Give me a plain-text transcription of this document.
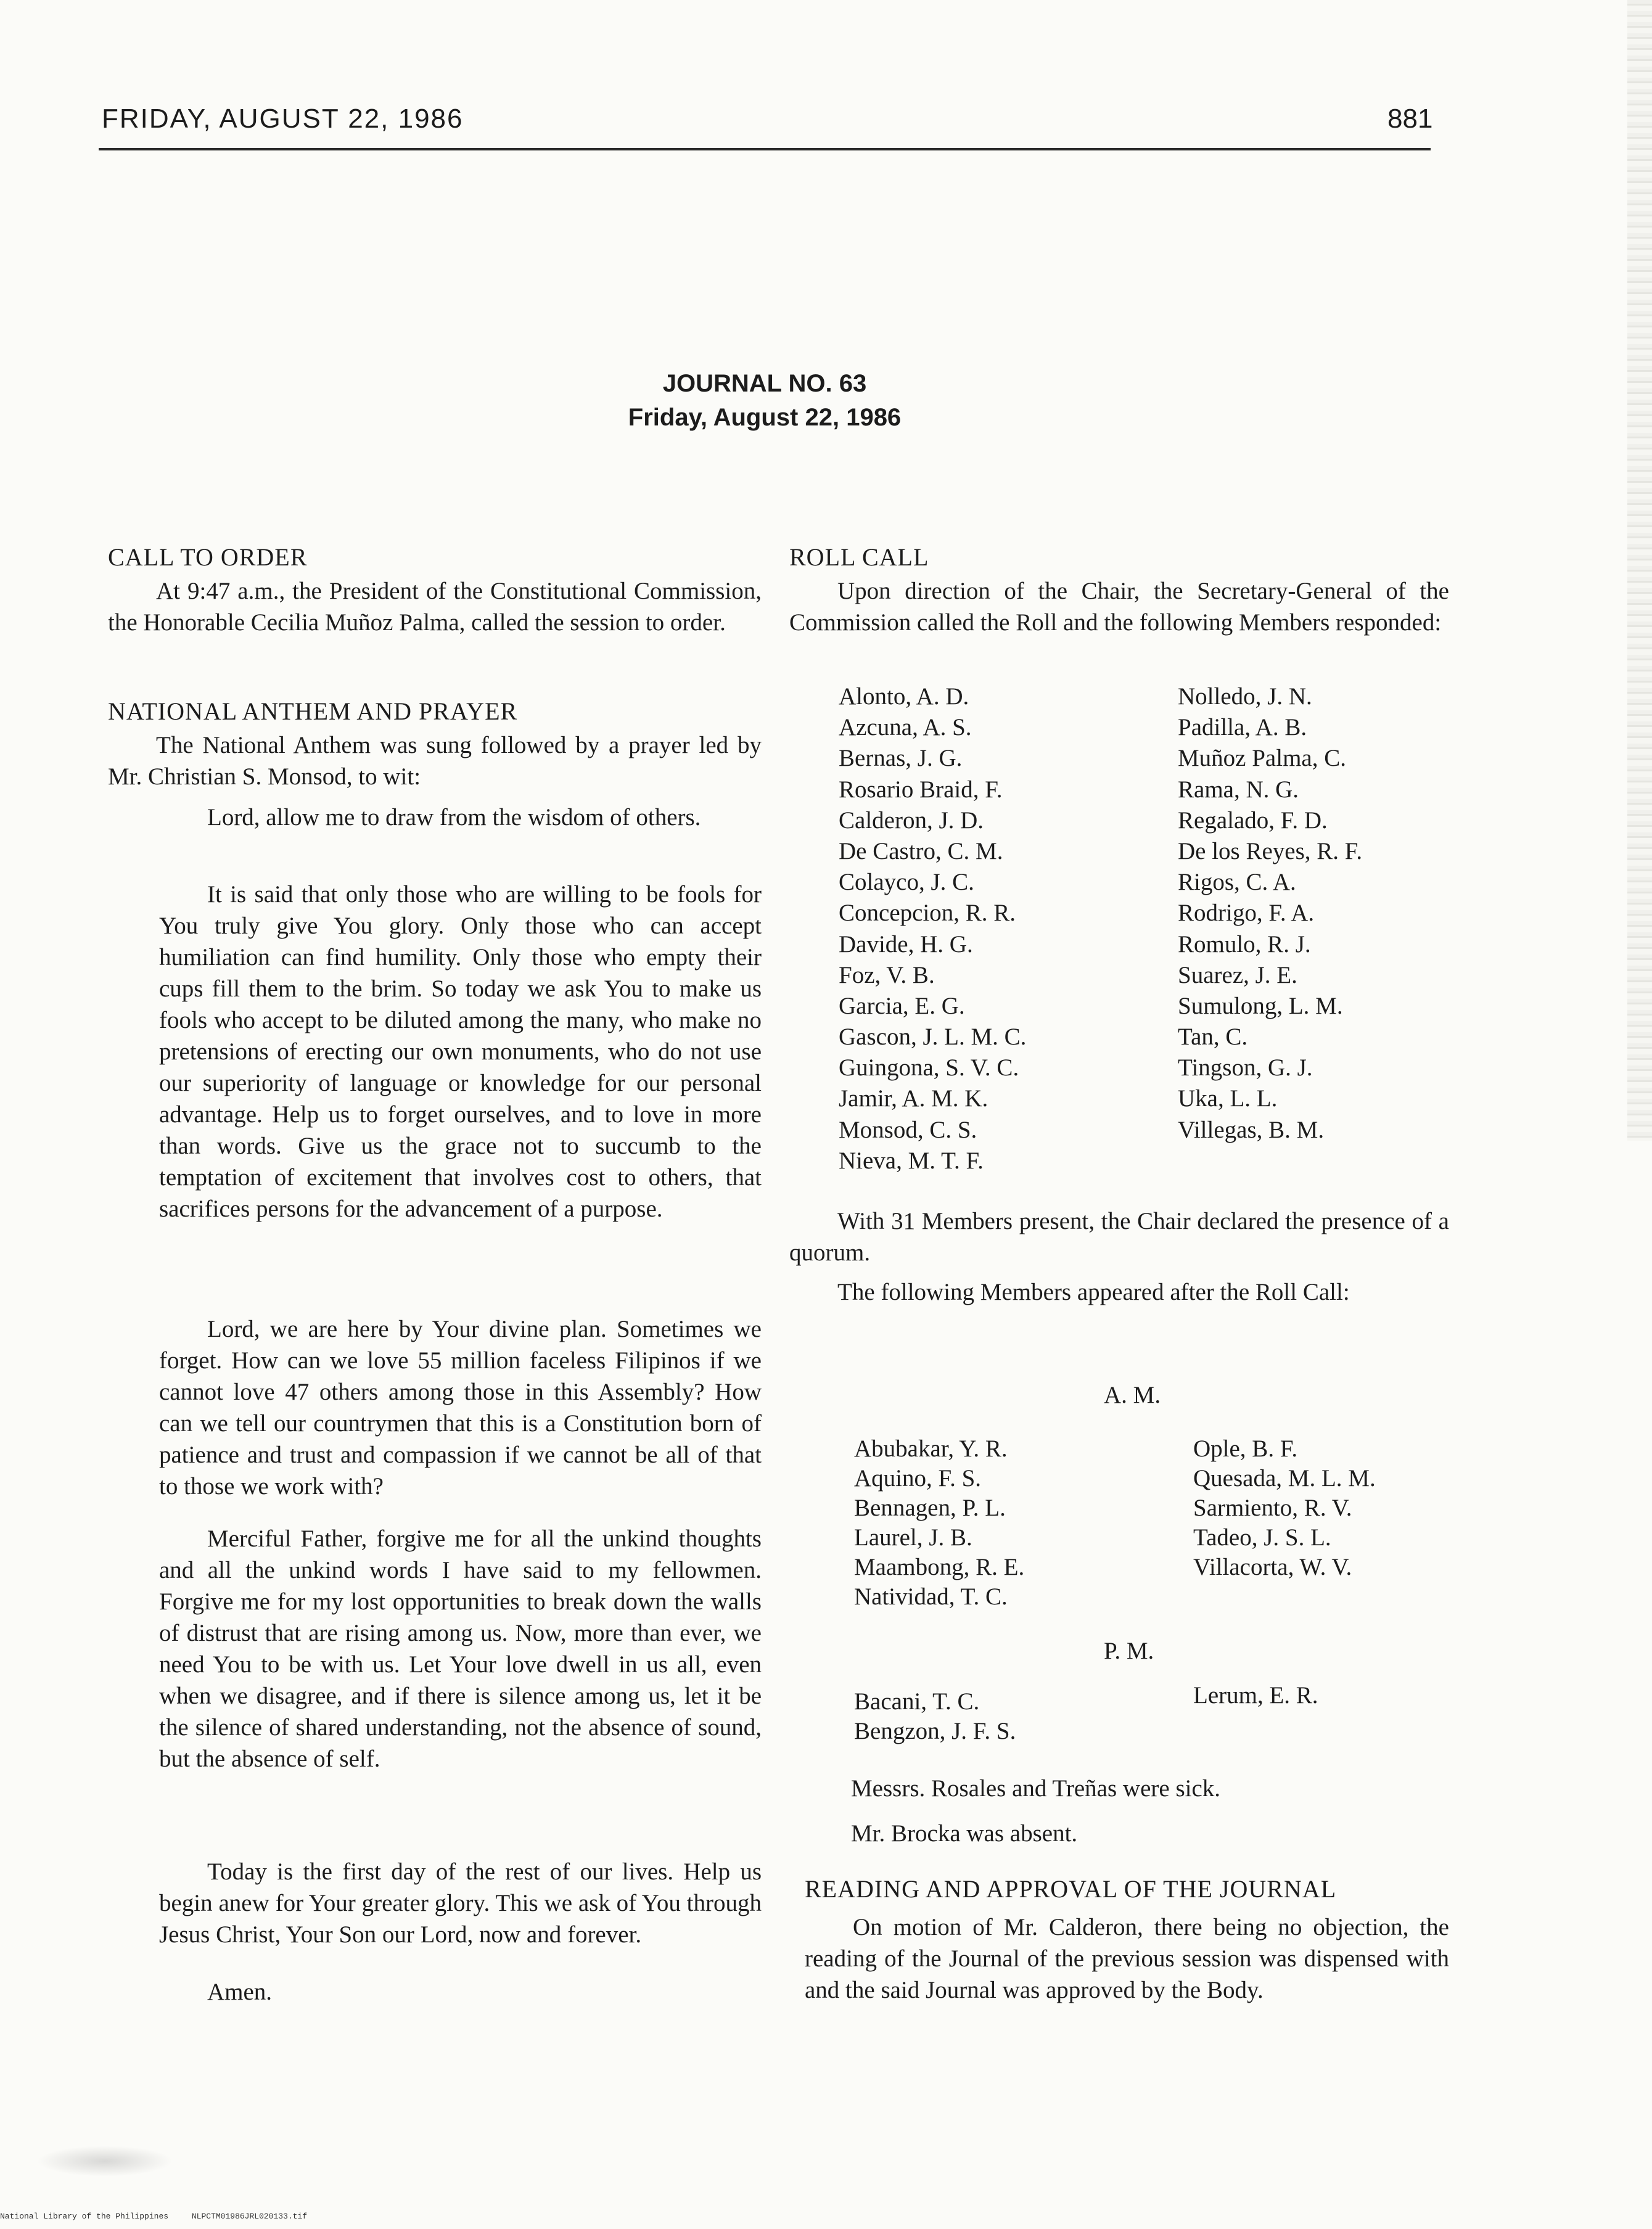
FRIDAY, AUGUST 22, 1986	881
JOURNAL NO. 63
Friday, August 22, 1986
CALL TO ORDER

At 9:47 a.m., the President of the Constitutional Commission, the Honorable Cecilia Muñoz Palma, called the session to order.

NATIONAL ANTHEM AND PRAYER

The National Anthem was sung followed by a prayer led by Mr. Christian S. Monsod, to wit:

Lord, allow me to draw from the wisdom of others.

It is said that only those who are willing to be fools for You truly give You glory. Only those who can accept humiliation can find humility. Only those who empty their cups fill them to the brim. So today we ask You to make us fools who accept to be diluted among the many, who make no pretensions of erecting our own monuments, who do not use our superiority of language or knowledge for our personal advantage. Help us to forget ourselves, and to love in more than words. Give us the grace not to succumb to the temptation of excitement that involves cost to others, that sacrifices persons for the advancement of a purpose.

Lord, we are here by Your divine plan. Sometimes we forget. How can we love 55 million faceless Filipinos if we cannot love 47 others among those in this Assembly? How can we tell our countrymen that this is a Constitution born of patience and trust and compassion if we cannot be all of that to those we work with?

Merciful Father, forgive me for all the unkind thoughts and all the unkind words I have said to my fellowmen. Forgive me for my lost opportunities to break down the walls of distrust that are rising among us. Now, more than ever, we need You to be with us. Let Your love dwell in us all, even when we disagree, and if there is silence among us, let it be the silence of shared understanding, not the absence of sound, but the absence of self.

Today is the first day of the rest of our lives. Help us begin anew for Your greater glory. This we ask of You through Jesus Christ, Your Son our Lord, now and forever.

Amen.

ROLL CALL

Upon direction of the Chair, the Secretary-General of the Commission called the Roll and the following Members responded:

Alonto, A. D.
Azcuna, A. S.
Bernas, J. G.
Rosario Braid, F.
Calderon, J. D.
De Castro, C. M.
Colayco, J. C.
Concepcion, R. R.
Davide, H. G.
Foz, V. B.
Garcia, E. G.
Gascon, J. L. M. C.
Guingona, S. V. C.
Jamir, A. M. K.
Monsod, C. S.
Nieva, M. T. F.
Nolledo, J. N.
Padilla, A. B.
Muñoz Palma, C.
Rama, N. G.
Regalado, F. D.
De los Reyes, R. F.
Rigos, C. A.
Rodrigo, F. A.
Romulo, R. J.
Suarez, J. E.
Sumulong, L. M.
Tan, C.
Tingson, G. J.
Uka, L. L.
Villegas, B. M.

With 31 Members present, the Chair declared the presence of a quorum.

The following Members appeared after the Roll Call:

A. M.
Abubakar, Y. R.
Aquino, F. S.
Bennagen, P. L.
Laurel, J. B.
Maambong, R. E.
Natividad, T. C.
Ople, B. F.
Quesada, M. L. M.
Sarmiento, R. V.
Tadeo, J. S. L.
Villacorta, W. V.
P. M.
Bacani, T. C.
Bengzon, J. F. S.
Lerum, E. R.
Messrs. Rosales and Treñas were sick.
Mr. Brocka was absent.
READING AND APPROVAL OF THE JOURNAL

On motion of Mr. Calderon, there being no objection, the reading of the Journal of the previous session was dispensed with and the said Journal was approved by the Body.

National Library of the Philippines	NLPCTM01986JRL020133.tif
